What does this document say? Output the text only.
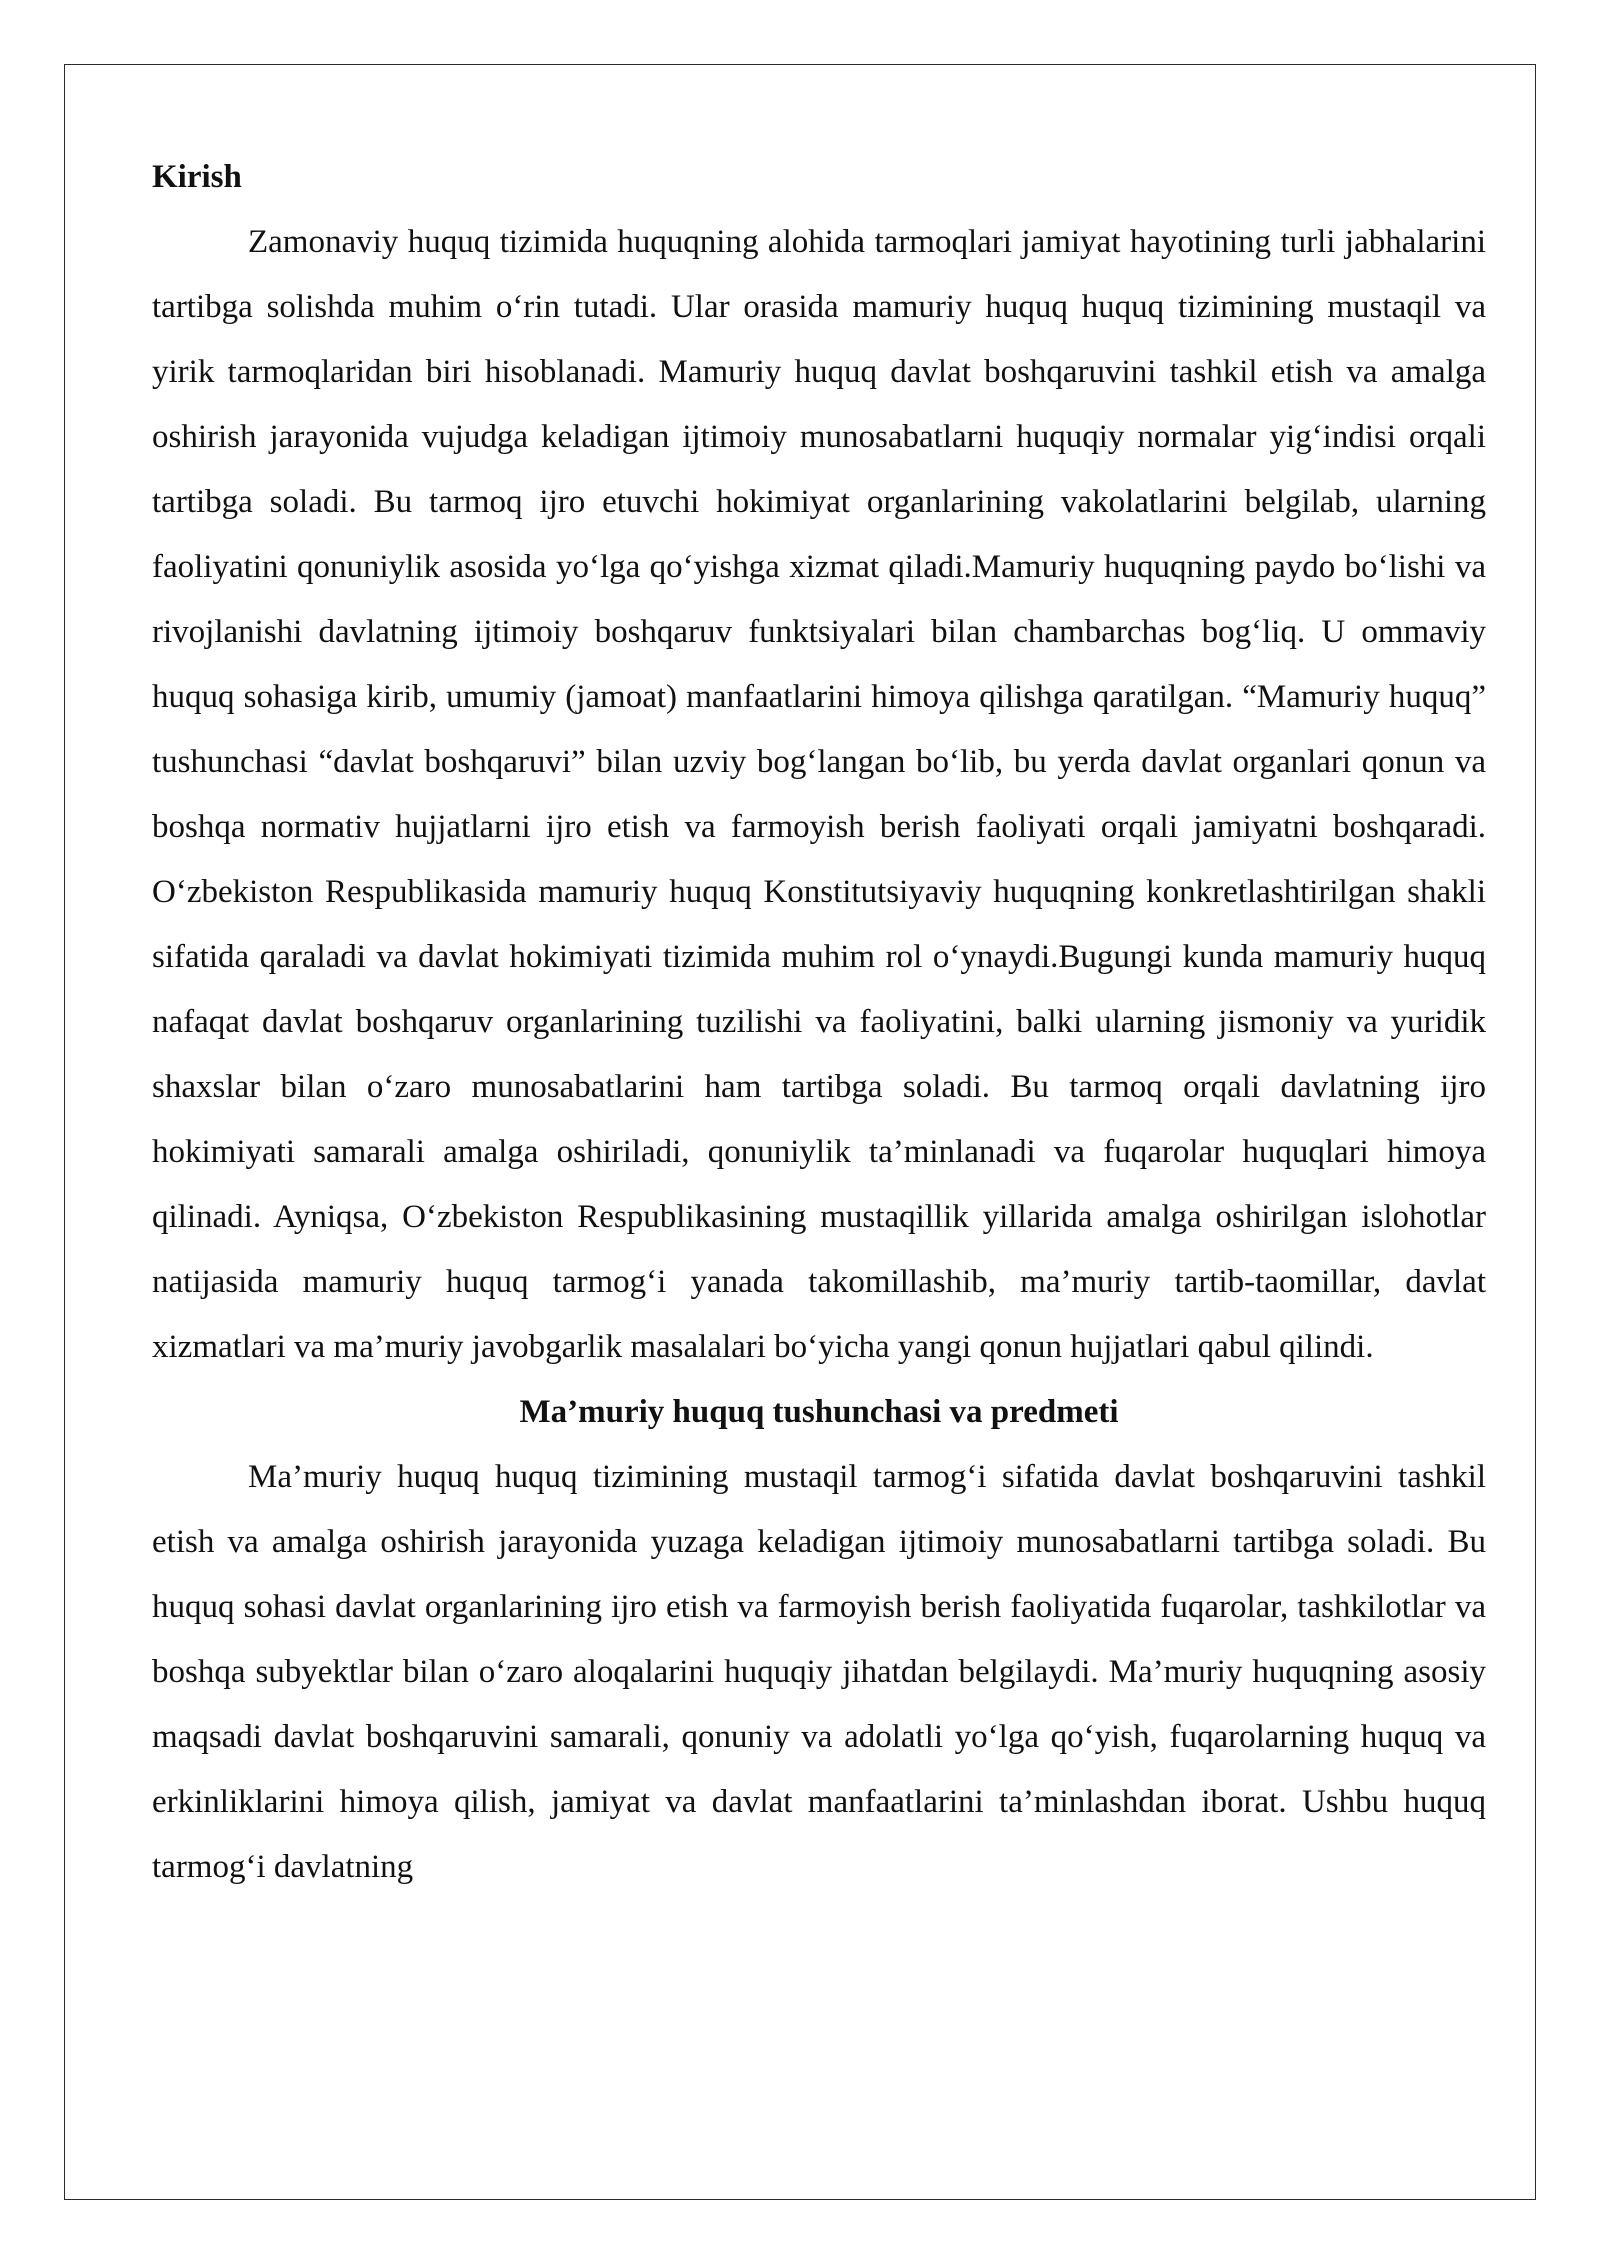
Kirish

Zamonaviy huquq tizimida huquqning alohida tarmoqlari jamiyat hayotining turli jabhalarini tartibga solishda muhim o‘rin tutadi. Ular orasida mamuriy huquq huquq tizimining mustaqil va yirik tarmoqlaridan biri hisoblanadi. Mamuriy huquq davlat boshqaruvini tashkil etish va amalga oshirish jarayonida vujudga keladigan ijtimoiy munosabatlarni huquqiy normalar yig‘indisi orqali tartibga soladi. Bu tarmoq ijro etuvchi hokimiyat organlarining vakolatlarini belgilab, ularning faoliyatini qonuniylik asosida yo‘lga qo‘yishga xizmat qiladi.Mamuriy huquqning paydo bo‘lishi va rivojlanishi davlatning ijtimoiy boshqaruv funktsiyalari bilan chambarchas bog‘liq. U ommaviy huquq sohasiga kirib, umumiy (jamoat) manfaatlarini himoya qilishga qaratilgan. “Mamuriy huquq” tushunchasi “davlat boshqaruvi” bilan uzviy bog‘langan bo‘lib, bu yerda davlat organlari qonun va boshqa normativ hujjatlarni ijro etish va farmoyish berish faoliyati orqali jamiyatni boshqaradi. O‘zbekiston Respublikasida mamuriy huquq Konstitutsiyaviy huquqning konkretlashtirilgan shakli sifatida qaraladi va davlat hokimiyati tizimida muhim rol o‘ynaydi.Bugungi kunda mamuriy huquq nafaqat davlat boshqaruv organlarining tuzilishi va faoliyatini, balki ularning jismoniy va yuridik shaxslar bilan o‘zaro munosabatlarini ham tartibga soladi. Bu tarmoq orqali davlatning ijro hokimiyati samarali amalga oshiriladi, qonuniylik ta’minlanadi va fuqarolar huquqlari himoya qilinadi. Ayniqsa, O‘zbekiston Respublikasining mustaqillik yillarida amalga oshirilgan islohotlar natijasida mamuriy huquq tarmog‘i yanada takomillashib, ma’muriy tartib-taomillar, davlat xizmatlari va ma’muriy javobgarlik masalalari bo‘yicha yangi qonun hujjatlari qabul qilindi.

Ma’muriy huquq tushunchasi va predmeti

Ma’muriy huquq huquq tizimining mustaqil tarmog‘i sifatida davlat boshqaruvini tashkil etish va amalga oshirish jarayonida yuzaga keladigan ijtimoiy munosabatlarni tartibga soladi. Bu huquq sohasi davlat organlarining ijro etish va farmoyish berish faoliyatida fuqarolar, tashkilotlar va boshqa subyektlar bilan o‘zaro aloqalarini huquqiy jihatdan belgilaydi. Ma’muriy huquqning asosiy maqsadi davlat boshqaruvini samarali, qonuniy va adolatli yo‘lga qo‘yish, fuqarolarning huquq va erkinliklarini himoya qilish, jamiyat va davlat manfaatlarini ta’minlashdan iborat. Ushbu huquq tarmog‘i davlatning
